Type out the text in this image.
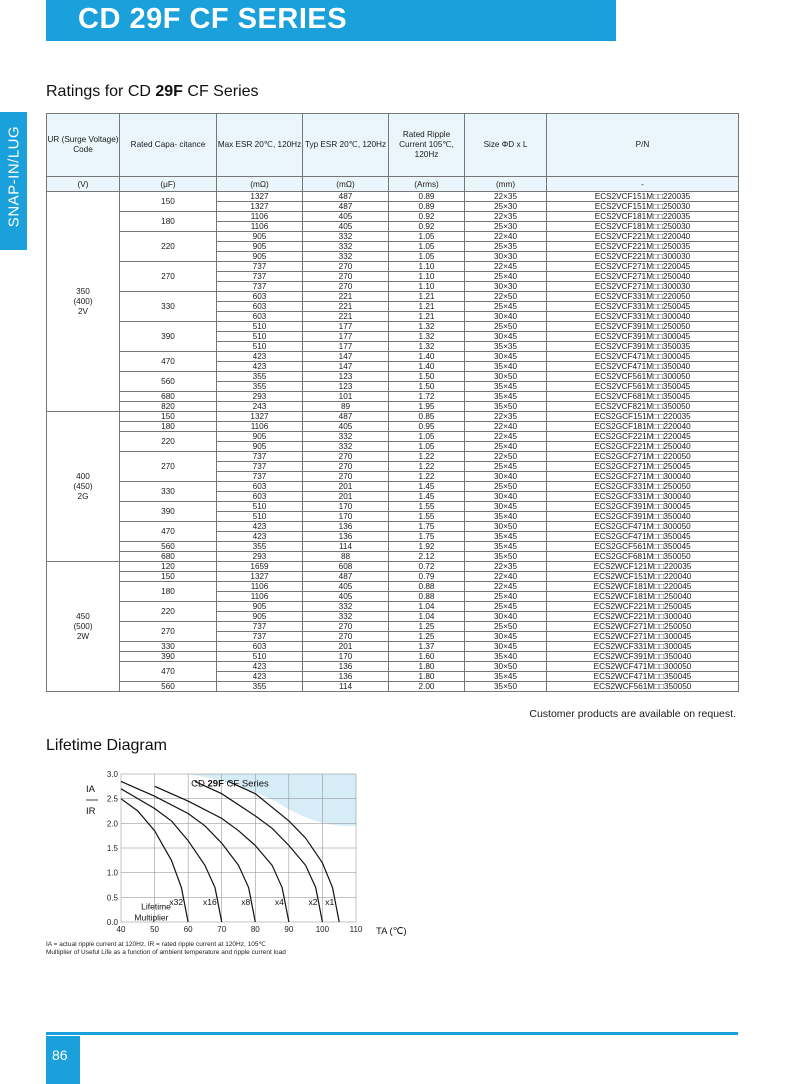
CD 29F CF SERIES
SNAP-IN/LUG
Ratings for CD 29F CF Series
UR (Surge Voltage) Code	Rated Capa- citance	Max ESR 20℃, 120Hz	Typ ESR 20℃, 120Hz	Rated Ripple Current 105℃, 120Hz	Size ΦD x L	P/N
(V)	(μF)	(mΩ)	(mΩ)	(Arms)	(mm)	-
350
(400)
2V	150	1327	487	0.89	22×35	ECS2VCF151M□□220035
		1327	487	0.89	25×30	ECS2VCF151M□□250030
	180	1106	405	0.92	22×35	ECS2VCF181M□□220035
		1106	405	0.92	25×30	ECS2VCF181M□□250030
	220	905	332	1.05	22×40	ECS2VCF221M□□220040
		905	332	1.05	25×35	ECS2VCF221M□□250035
		905	332	1.05	30×30	ECS2VCF221M□□300030
	270	737	270	1.10	22×45	ECS2VCF271M□□220045
		737	270	1.10	25×40	ECS2VCF271M□□250040
		737	270	1.10	30×30	ECS2VCF271M□□300030
	330	603	221	1.21	22×50	ECS2VCF331M□□220050
		603	221	1.21	25×45	ECS2VCF331M□□250045
		603	221	1.21	30×40	ECS2VCF331M□□300040
	390	510	177	1.32	25×50	ECS2VCF391M□□250050
		510	177	1.32	30×45	ECS2VCF391M□□300045
		510	177	1.32	35×35	ECS2VCF391M□□350035
	470	423	147	1.40	30×45	ECS2VCF471M□□300045
		423	147	1.40	35×40	ECS2VCF471M□□350040
	560	355	123	1.50	30×50	ECS2VCF561M□□300050
		355	123	1.50	35×45	ECS2VCF561M□□350045
	680	293	101	1.72	35×45	ECS2VCF681M□□350045
	820	243	89	1.95	35×50	ECS2VCF821M□□350050
400
(450)
2G	150	1327	487	0.85	22×35	ECS2GCF151M□□220035
	180	1106	405	0.95	22×40	ECS2GCF181M□□220040
	220	905	332	1.05	22×45	ECS2GCF221M□□220045
		905	332	1.05	25×40	ECS2GCF221M□□250040
	270	737	270	1.22	22×50	ECS2GCF271M□□220050
		737	270	1.22	25×45	ECS2GCF271M□□250045
		737	270	1.22	30×40	ECS2GCF271M□□300040
	330	603	201	1.45	25×50	ECS2GCF331M□□250050
		603	201	1.45	30×40	ECS2GCF331M□□300040
	390	510	170	1.55	30×45	ECS2GCF391M□□300045
		510	170	1.55	35×40	ECS2GCF391M□□350040
	470	423	136	1.75	30×50	ECS2GCF471M□□300050
		423	136	1.75	35×45	ECS2GCF471M□□350045
	560	355	114	1.92	35×45	ECS2GCF561M□□350045
	680	293	88	2.12	35×50	ECS2GCF681M□□350050
450
(500)
2W	120	1659	608	0.72	22×35	ECS2WCF121M□□220035
	150	1327	487	0.79	22×40	ECS2WCF151M□□220040
	180	1106	405	0.88	22×45	ECS2WCF181M□□220045
		1106	405	0.88	25×40	ECS2WCF181M□□250040
	220	905	332	1.04	25×45	ECS2WCF221M□□250045
		905	332	1.04	30×40	ECS2WCF221M□□300040
	270	737	270	1.25	25×50	ECS2WCF271M□□250050
		737	270	1.25	30×45	ECS2WCF271M□□300045
	330	603	201	1.37	30×45	ECS2WCF331M□□300045
	390	510	170	1.60	35×40	ECS2WCF391M□□350040
	470	423	136	1.80	30×50	ECS2WCF471M□□300050
		423	136	1.80	35×45	ECS2WCF471M□□350045
	560	355	114	2.00	35×50	ECS2WCF561M□□350050
Customer products are available on request.
Lifetime Diagram
40	50	60	70	80	90	100	110
0.0
0.5
1.0
1.5
2.0
2.5
3.0
x32 x16	x8	x4	x2 x1
CD 29F CF Series
Lifetime
Multiplier
IA
IR
TA (℃)
IA = actual ripple current at 120Hz, IR = rated ripple current at 120Hz, 105℃
Multiplier of Useful Life as a function of ambient temperature and ripple current load
86
